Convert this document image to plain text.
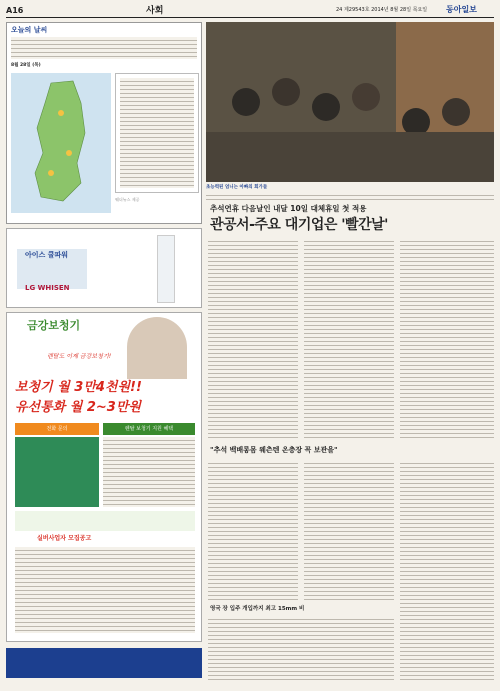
A16	사회	24 제29543호 2014년 8월 28일 목요일 동아일보
오늘의 날씨
8월 28일 (목)
웨더뉴스 제공
초능력된 엄니는 아빠의 회가들
추석연휴 다음날인 내달 10일 대체휴일 첫 적용
관공서-주요 대기업은 '빨간날'
아이스 쿨파워
LG WHISEN
금강보청기
렌탈도 이제 금강보청기!
보청기 월 3만4천원!!
유선통화 월 2~3만원
전화 문의	렌탈 보청기 지원 혜택
실버사업자 모집공고
"추석 백배롱몸 웨츤텐 온층장 꼭 보관을"
영국 장 입주 개입까지 최고 15mm 비
